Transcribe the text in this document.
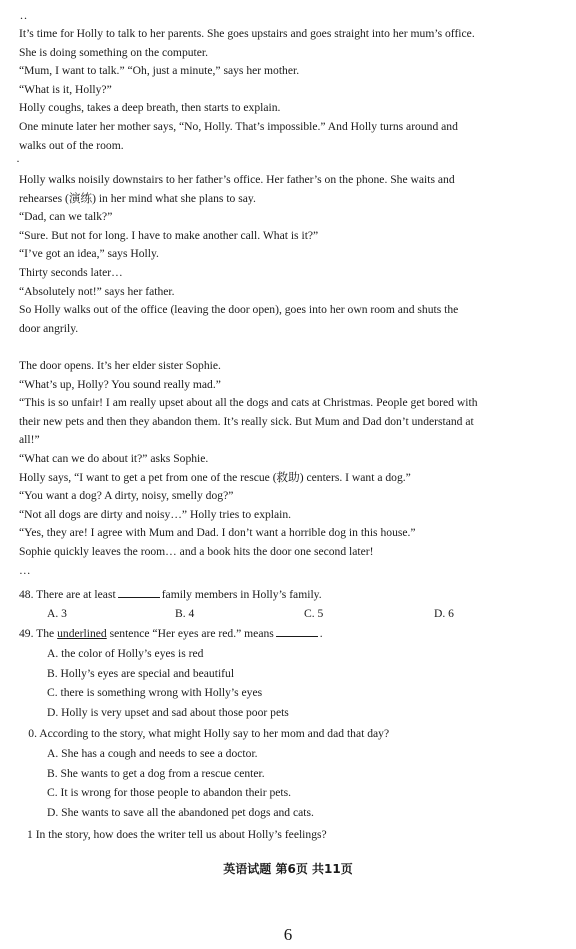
..
It’s time for Holly to talk to her parents. She goes upstairs and goes straight into her mum’s office.
She is doing something on the computer.
“Mum, I want to talk.” “Oh, just a minute,” says her mother.
“What is it, Holly?”
Holly coughs, takes a deep breath, then starts to explain.
One minute later her mother says, “No, Holly. That’s impossible.” And Holly turns around and
walks out of the room.
·
Holly walks noisily downstairs to her father’s office. Her father’s on the phone. She waits and
rehearses (演练) in her mind what she plans to say.
“Dad, can we talk?”
“Sure. But not for long. I have to make another call. What is it?”
“I’ve got an idea,” says Holly.
Thirty seconds later…
“Absolutely not!” says her father.
So Holly walks out of the office (leaving the door open), goes into her own room and shuts the
door angrily.
The door opens. It’s her elder sister Sophie.
“What’s up, Holly? You sound really mad.”
“This is so unfair! I am really upset about all the dogs and cats at Christmas. People get bored with
their new pets and then they abandon them. It’s really sick. But Mum and Dad don’t understand at
all!”
“What can we do about it?” asks Sophie.
Holly says, “I want to get a pet from one of the rescue (救助) centers. I want a dog.”
“You want a dog? A dirty, noisy, smelly dog?”
“Not all dogs are dirty and noisy…” Holly tries to explain.
“Yes, they are! I agree with Mum and Dad. I don’t want a horrible dog in this house.”
Sophie quickly leaves the room… and a book hits the door one second later!
…
48. There are at least	family members in Holly’s family.
A. 3	B. 4	C. 5	D. 6
49. The underlined sentence “Her eyes are red.” means	.
A. the color of Holly’s eyes is red
B. Holly’s eyes are special and beautiful
C. there is something wrong with Holly’s eyes
D. Holly is very upset and sad about those poor pets
0. According to the story, what might Holly say to her mom and dad that day?
A. She has a cough and needs to see a doctor.
B. She wants to get a dog from a rescue center.
C. It is wrong for those people to abandon their pets.
D. She wants to save all the abandoned pet dogs and cats.
1 In the story, how does the writer tell us about Holly’s feelings?
英语试题 第6页 共11页
6
